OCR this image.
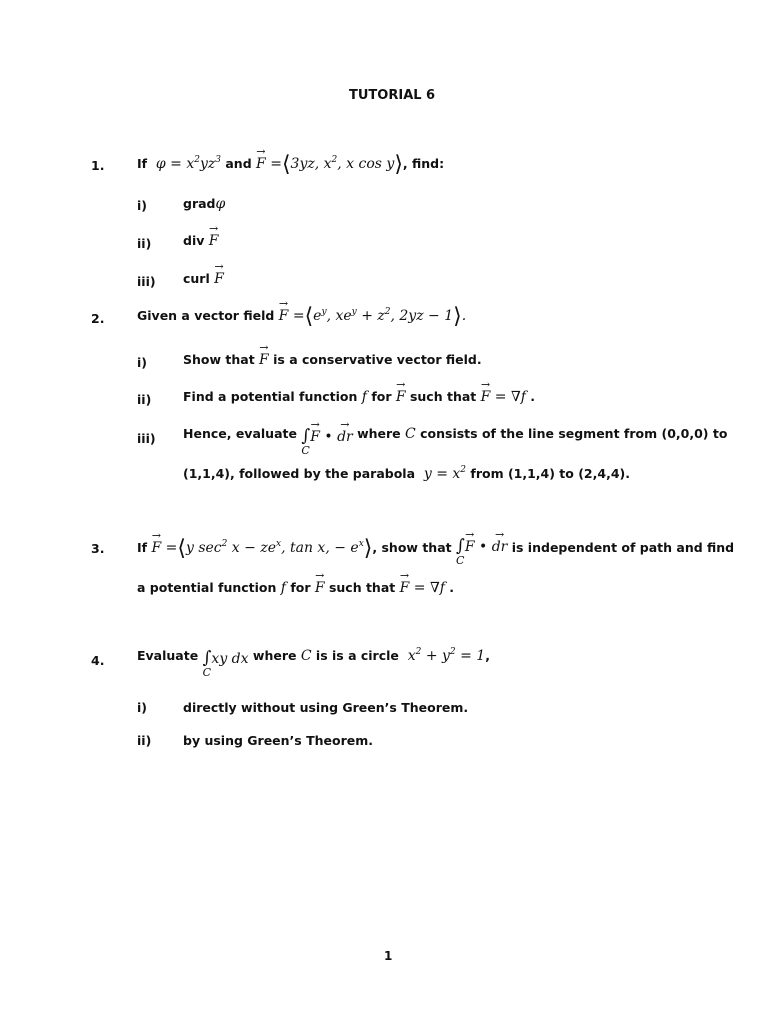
TUTORIAL 6
1.	If  $\varphi = x^2yz^3$ and → F =⟨3yz, $x^2$, x cos y⟩, find:
i)	gradφ
ii)	div → F
iii) curl → F
2.	Given a vector field → $F =⟨e^y$, $xe^y + z^2$, 2yz − 1⟩.
i)	Show that → F is a conservative vector field.
ii)	Find a potential function f for → F such that → F = ∇f .
iii) Hence, evaluate ∫→ F • → dr
C
where C consists of the line segment from (0,0,0) to
(1,1,4), followed by the parabola  $y = x^2$ from (1,1,4) to (2,4,4).
3.	If → F =⟨y $\sec^2 x - ze^x$, tan x, − $e^x⟩$, show that ∫→ F • → dr
C
is independent of path and find
a potential function f for → F such that → F = ∇f .
4.	Evaluate ∫xy dx
C
where C is is a circle  $x^2 + y^2 = 1$,
i)	directly without using Green’s Theorem.
ii)	by using Green’s Theorem.
1
